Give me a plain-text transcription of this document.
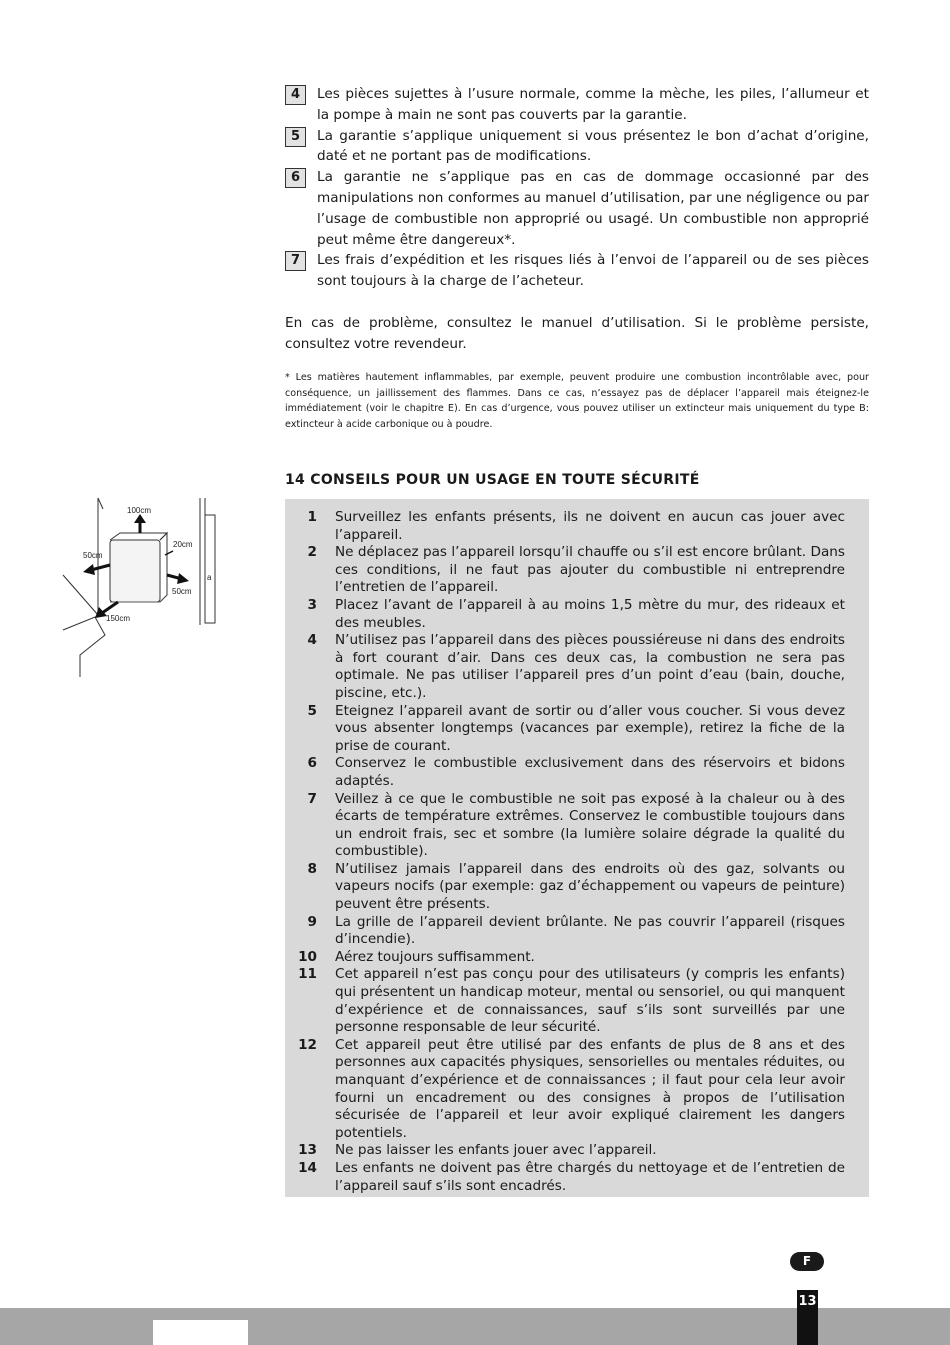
4	Les pièces sujettes à l’usure normale, comme la mèche, les piles, l’allumeur et la pompe à main ne sont pas couverts par la garantie.
5	La garantie s’applique uniquement si vous présentez le bon d’achat d’origine, daté et ne portant pas de modifications.
6	La garantie ne s’applique pas en cas de dommage occasionné par des manipulations non conformes au manuel d’utilisation, par une négligence ou par l’usage de combustible non approprié ou usagé. Un combustible non approprié peut même être dangereux*.
7	Les frais d’expédition et les risques liés à l’envoi de l’appareil ou de ses pièces sont toujours à la charge de l’acheteur.
En cas de problème, consultez le manuel d’utilisation. Si le problème persiste, consultez votre revendeur.
* Les matières hautement inflammables, par exemple, peuvent produire une combustion incontrôlable avec, pour conséquence, un jaillissement des flammes. Dans ce cas, n’essayez pas de déplacer l’appareil mais éteignez-le immédiatement (voir le chapitre E). En cas d’urgence, vous pouvez utiliser un extincteur mais uniquement du type B: extincteur à acide carbonique ou à poudre.
14 CONSEILS POUR UN USAGE EN TOUTE SÉCURITÉ
100cm
20cm
50cm
50cm
150cm
a
1 Surveillez les enfants présents, ils ne doivent en aucun cas jouer avec l’appareil.
2 Ne déplacez pas l’appareil lorsqu’il chauffe ou s’il est encore brûlant. Dans ces conditions, il ne faut pas ajouter du combustible ni entreprendre l’entretien de l’appareil.
3 Placez l’avant de l’appareil à au moins 1,5 mètre du mur, des rideaux et des meubles.
4 N’utilisez pas l’appareil dans des pièces poussiéreuse ni dans des endroits à fort courant d’air. Dans ces deux cas, la combustion ne sera pas optimale. Ne pas utiliser l’appareil pres d’un point d’eau (bain, douche, piscine, etc.).
5 Eteignez l’appareil avant de sortir ou d’aller vous coucher. Si vous devez vous absenter longtemps (vacances par exemple), retirez la fiche de la prise de courant.
6 Conservez le combustible exclusivement dans des réservoirs et bidons adaptés.
7 Veillez à ce que le combustible ne soit pas exposé à la chaleur ou à des écarts de température extrêmes. Conservez le combustible toujours dans un endroit frais, sec et sombre (la lumière solaire dégrade la qualité du combustible).
8 N’utilisez jamais l’appareil dans des endroits où des gaz, solvants ou vapeurs nocifs (par exemple: gaz d’échappement ou vapeurs de peinture) peuvent être présents.
9 La grille de l’appareil devient brûlante. Ne pas couvrir l’appareil (risques d’incendie).
10 Aérez toujours suffisamment.
11 Cet appareil n’est pas conçu pour des utilisateurs (y compris les enfants) qui présentent un handicap moteur, mental ou sensoriel, ou qui manquent d’expérience et de connaissances, sauf s’ils sont surveillés par une personne responsable de leur sécurité.
12 Cet appareil peut être utilisé par des enfants de plus de 8 ans et des personnes aux capacités physiques, sensorielles ou mentales réduites, ou manquant d’expérience et de connaissances ; il faut pour cela leur avoir fourni un encadrement ou des consignes à propos de l’utilisation sécurisée de l’appareil et leur avoir expliqué clairement les dangers potentiels.
13 Ne pas laisser les enfants jouer avec l’appareil.
14 Les enfants ne doivent pas être chargés du nettoyage et de l’entretien de l’appareil sauf s’ils sont encadrés.
F
13
